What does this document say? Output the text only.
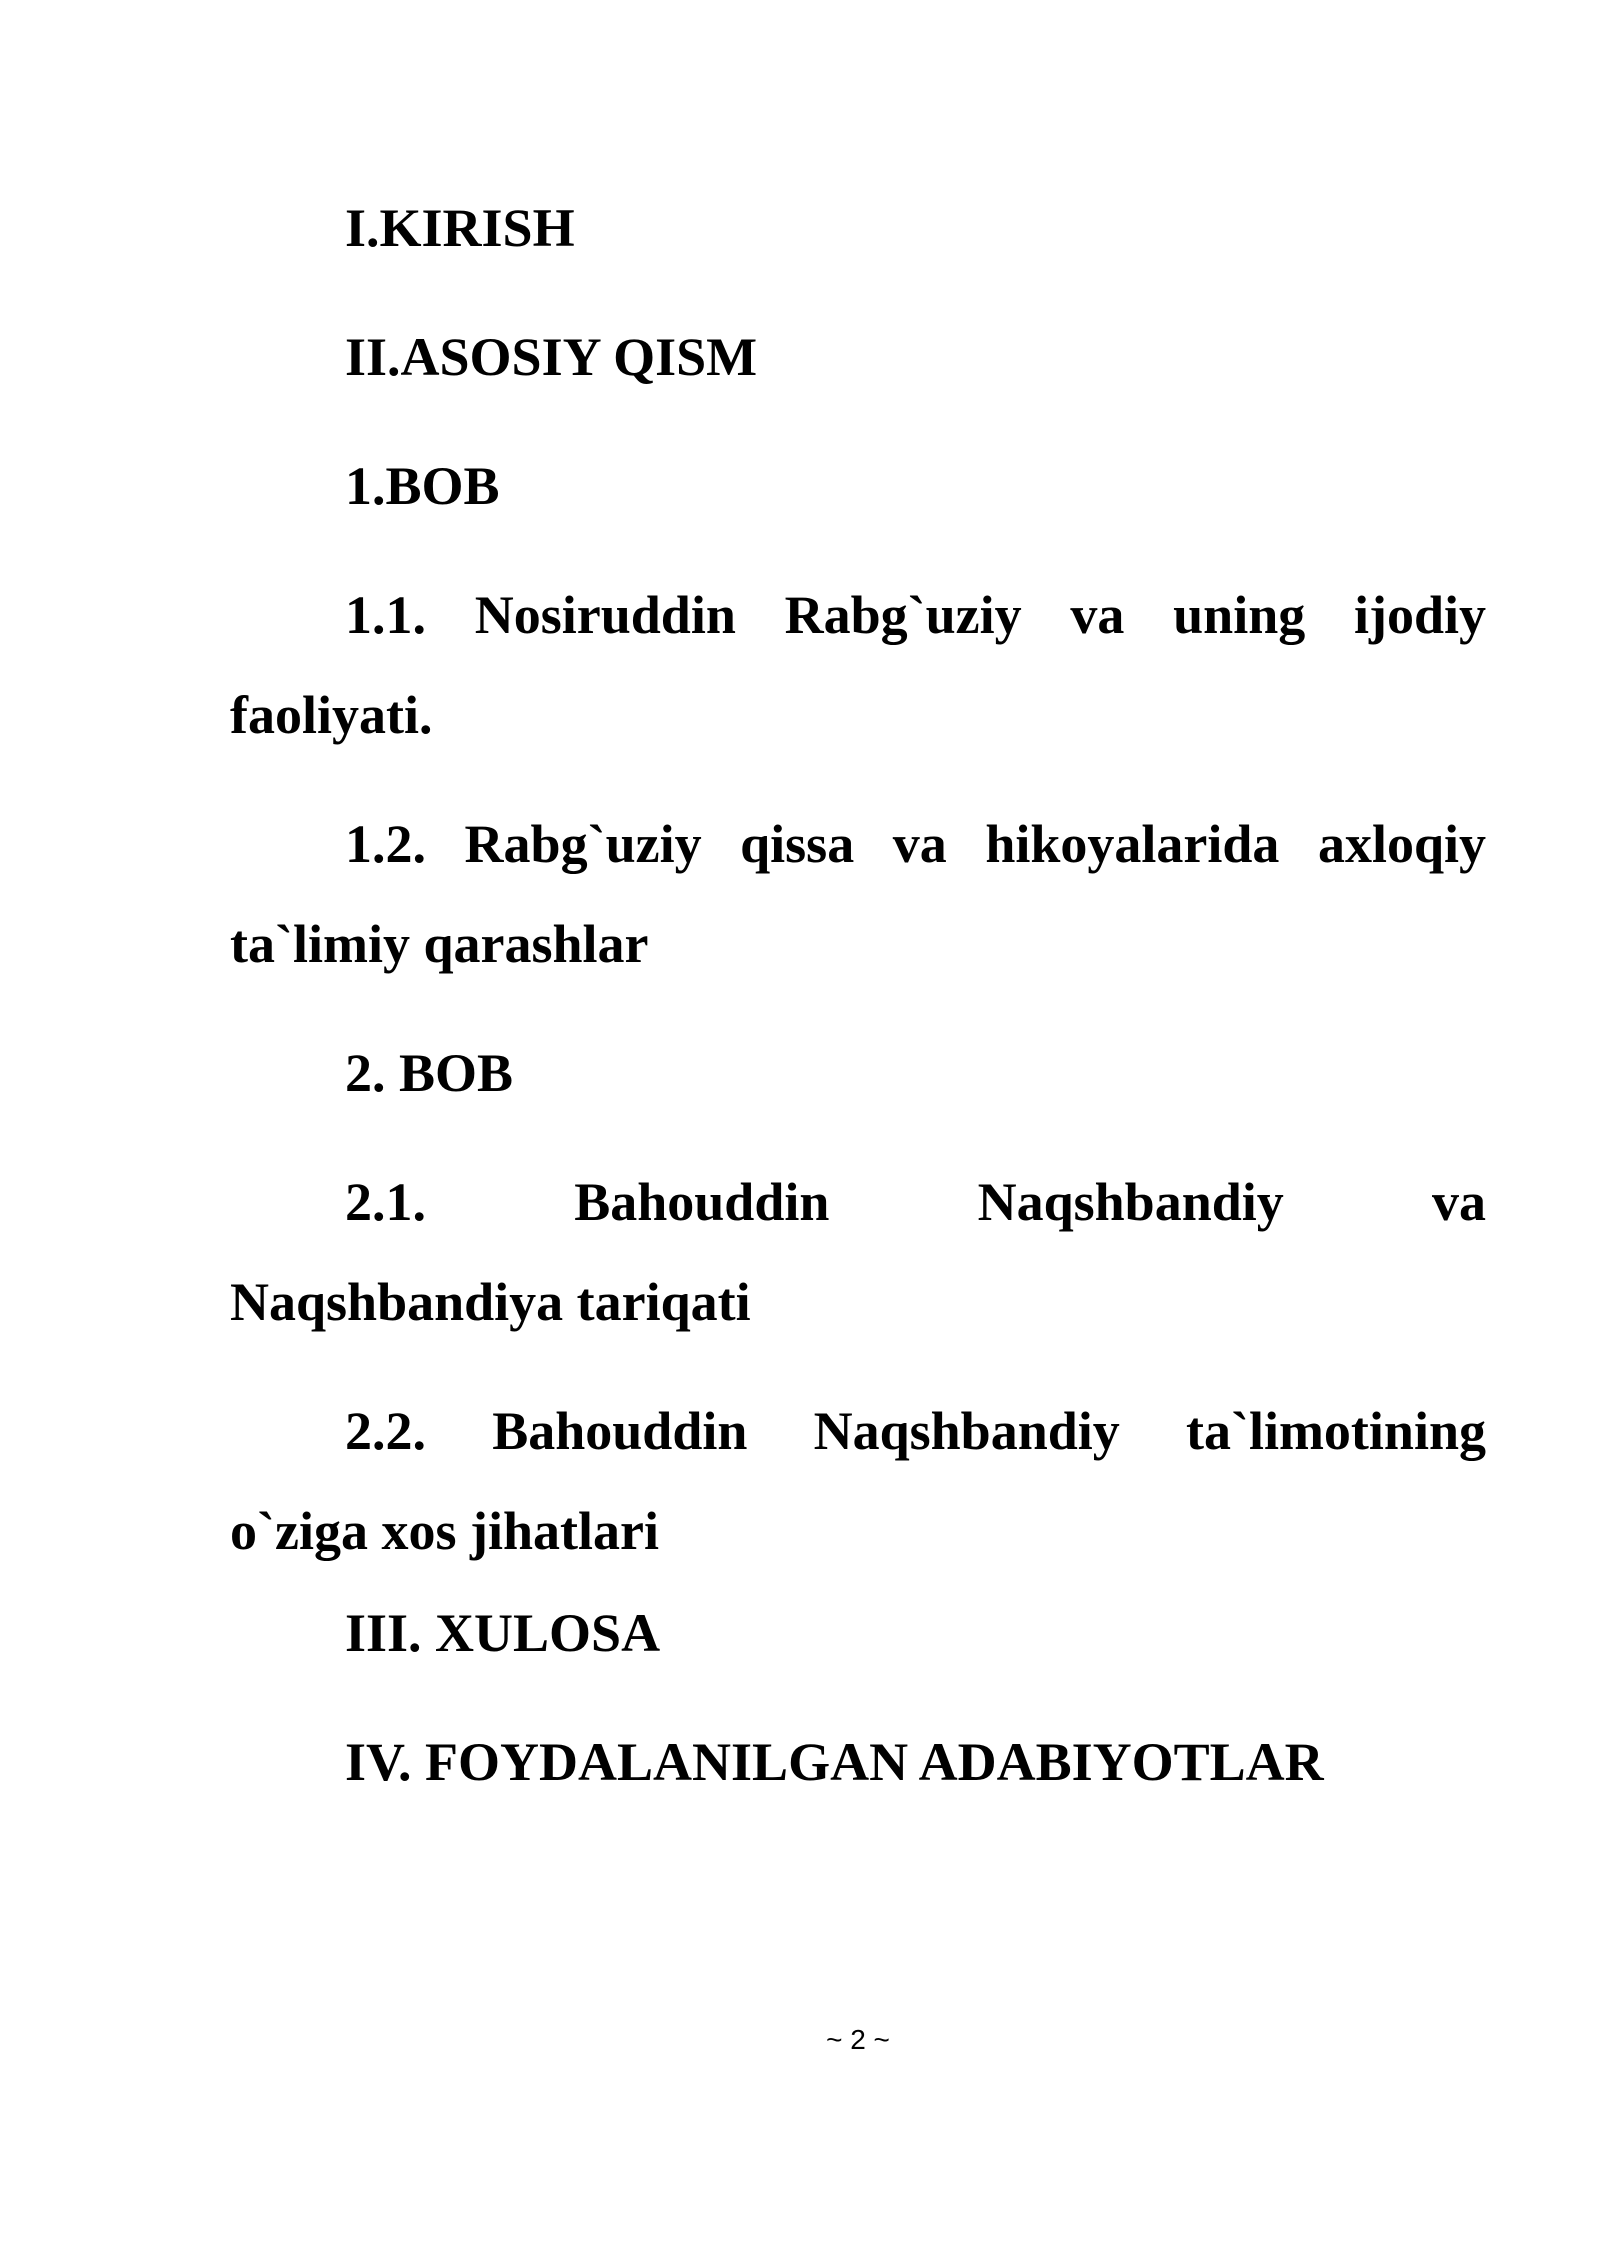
I.KIRISH
II.ASOSIY QISM
1.BOB
1.1. Nosiruddin Rabg`uziy va uning ijodiy
faoliyati.
1.2. Rabg`uziy qissa va hikoyalarida axloqiy
ta`limiy qarashlar
2. BOB
2.1.	Bahouddin	Naqshbandiy	va
Naqshbandiya tariqati
2.2. Bahouddin Naqshbandiy ta`limotining
o`ziga xos jihatlari
III. XULOSA
IV. FOYDALANILGAN ADABIYOTLAR
~ 2 ~
